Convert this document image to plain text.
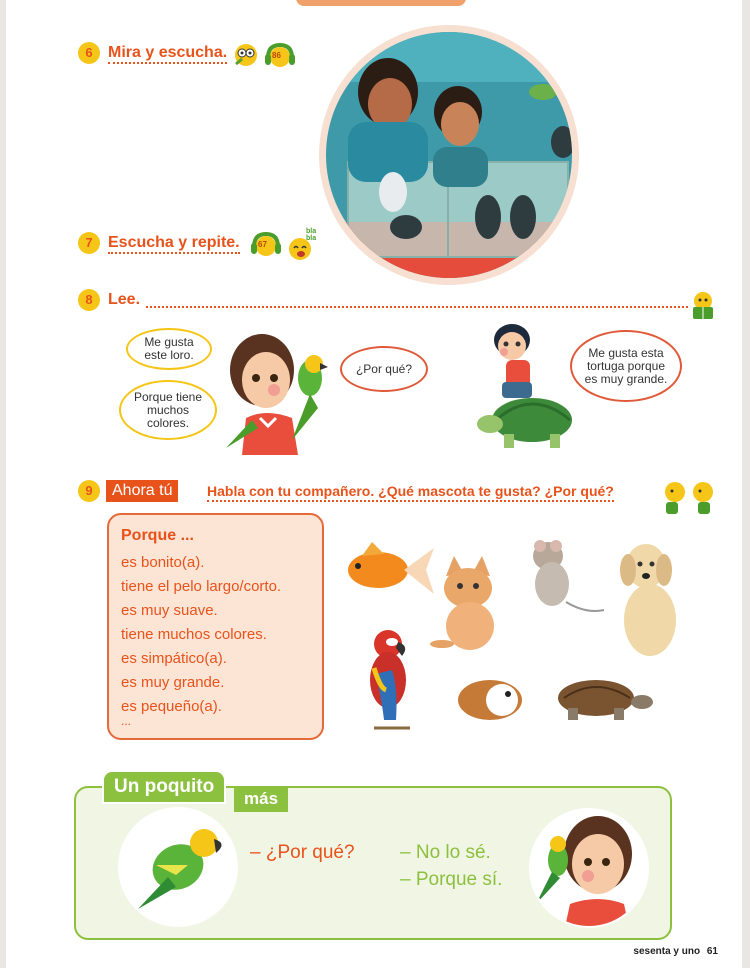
6 Mira y escucha.	86
7 Escucha y repite. 67
bla bla
8 Lee.
Me gusta este loro.
Porque tiene muchos colores.
¿Por qué?
Me gusta esta tortuga porque es muy grande.
9	Ahora tú	Habla con tu compañero. ¿Qué mascota te gusta? ¿Por qué?
Porque ...
es bonito(a).
tiene el pelo largo/corto.
es muy suave.
tiene muchos colores.
es simpático(a).
es muy grande.
es pequeño(a).
...
Un poquito
más
– ¿Por qué? – No lo sé.
– Porque sí.
sesenta y uno 61
